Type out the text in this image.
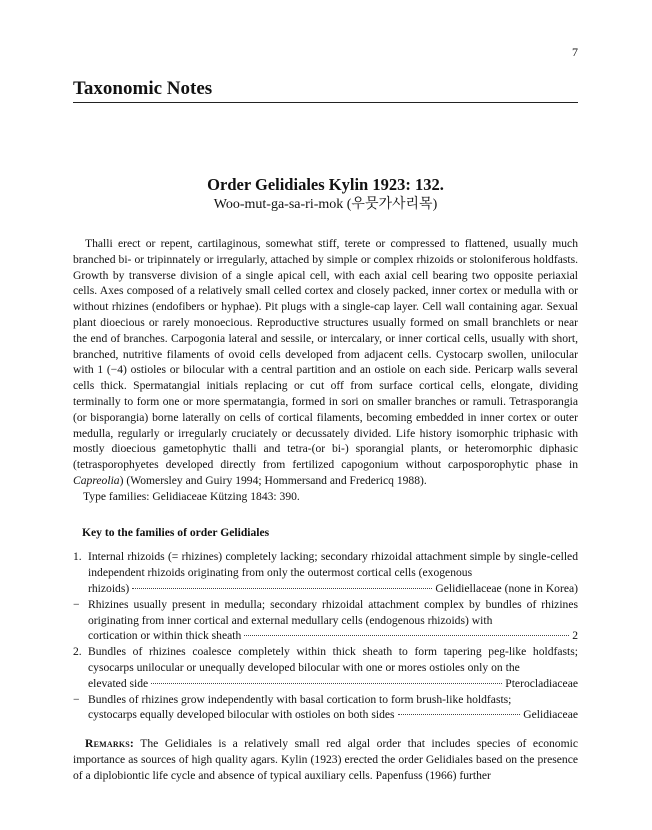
7
Taxonomic Notes
Order Gelidiales Kylin 1923: 132.
Woo-mut-ga-sa-ri-mok (우뭇가사리목)

Thalli erect or repent, cartilaginous, somewhat stiff, terete or compressed to flattened, usually much branched bi- or tripinnately or irregularly, attached by simple or complex rhizoids or stoloniferous holdfasts. Growth by transverse division of a single apical cell, with each axial cell bearing two opposite periaxial cells. Axes composed of a relatively small celled cortex and closely packed, inner cortex or medulla with or without rhizines (endofibers or hyphae). Pit plugs with a single-cap layer. Cell wall containing agar. Sexual plant dioecious or rarely monoecious. Reproductive structures usually formed on small branchlets or near the end of branches. Carpogonia lateral and sessile, or intercalary, or inner cortical cells, usually with short, branched, nutritive filaments of ovoid cells developed from adjacent cells. Cystocarp swollen, unilocular with 1 (−4) ostioles or bilocular with a central partition and an ostiole on each side. Pericarp walls several cells thick. Spermatangial initials replacing or cut off from surface cortical cells, elongate, dividing terminally to form one or more spermatangia, formed in sori on smaller branches or ramuli. Tetrasporangia (or bisporangia) borne laterally on cells of cortical filaments, becoming embedded in inner cortex or outer medulla, regularly or irregularly cruciately or decussately divided. Life history isomorphic triphasic with mostly dioecious gametophytic thalli and tetra-(or bi-) sporangial plants, or heteromorphic diphasic (tetrasporophyetes developed directly from fertilized capogonium without carposporophytic phase in Capreolia) (Womersley and Guiry 1994; Hommersand and Fredericq 1988).

Type families: Gelidiaceae Kützing 1843: 390.

Key to the families of order Gelidiales
1. Internal rhizoids (= rhizines) completely lacking; secondary rhizoidal attachment simple by single-celled independent rhizoids originating from only the outermost cortical cells (exogenous
rhizoids)	Gelidiellaceae (none in Korea)
− Rhizines usually present in medulla; secondary rhizoidal attachment complex by bundles of rhizines originating from inner cortical and external medullary cells (endogenous rhizoids) with
cortication or within thick sheath	2
2. Bundles of rhizines coalesce completely within thick sheath to form tapering peg-like holdfasts; cysocarps unilocular or unequally developed bilocular with one or mores ostioles only on the
elevated side	Pterocladiaceae
− Bundles of rhizines grow independently with basal cortication to form brush-like holdfasts;
cystocarps equally developed bilocular with ostioles on both sides	Gelidiaceae

Remarks: The Gelidiales is a relatively small red algal order that includes species of economic importance as sources of high quality agars. Kylin (1923) erected the order Gelidiales based on the presence of a diplobiontic life cycle and absence of typical auxiliary cells. Papenfuss (1966) further
